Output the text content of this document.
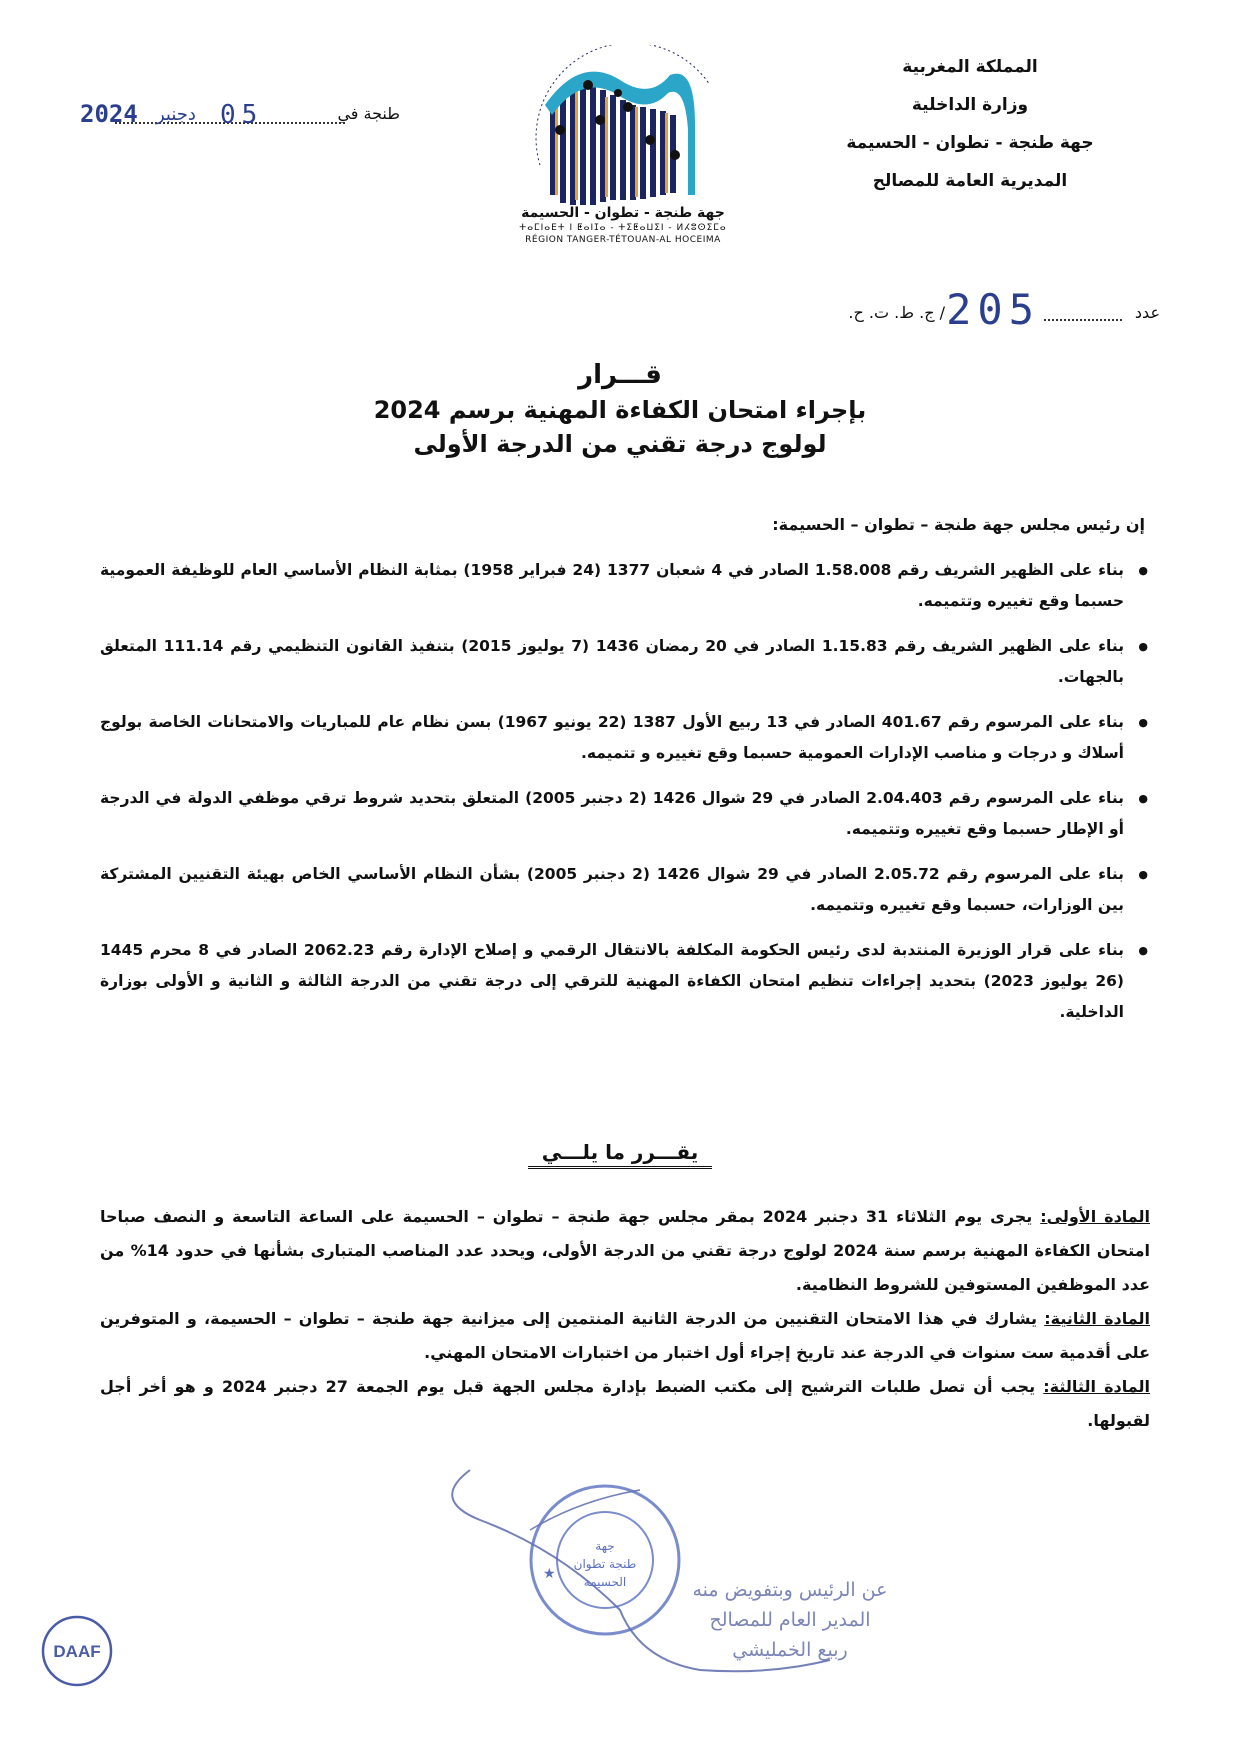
المملكة المغربية
وزارة الداخلية
جهة طنجة - تطوان - الحسيمة
المديرية العامة للمصالح
طنجة في
05
دجنبر
2024
جهة طنجة - تطوان - الحسيمة
ⵜⴰⵎⵏⴰⴹⵜ ⵏ ⵟⴰⵏⵊⴰ - ⵜⵉⵟⴰⵡⵉⵏ - ⵍⵃⵓⵙⵉⵎⴰ
RÉGION TANGER-TÉTOUAN-AL HOCEIMA
عدد
205
/ ج. ط. ت. ح.
قـــرار
بإجراء امتحان الكفاءة المهنية برسم 2024
لولوج درجة تقني من الدرجة الأولى
إن رئيس مجلس جهة طنجة – تطوان – الحسيمة:
● بناء على الظهير الشريف رقم 1.58.008 الصادر في 4 شعبان 1377 (24 فبراير 1958) بمثابة النظام الأساسي العام للوظيفة العمومية حسبما وقع تغييره وتتميمه.
● بناء على الظهير الشريف رقم 1.15.83 الصادر في 20 رمضان 1436 (7 يوليوز 2015) بتنفيذ القانون التنظيمي رقم 111.14 المتعلق بالجهات.
● بناء على المرسوم رقم 401.67 الصادر في 13 ربيع الأول 1387 (22 يونيو 1967) بسن نظام عام للمباريات والامتحانات الخاصة بولوج أسلاك و درجات و مناصب الإدارات العمومية حسبما وقع تغييره و تتميمه.
● بناء على المرسوم رقم 2.04.403 الصادر في 29 شوال 1426 (2 دجنبر 2005) المتعلق بتحديد شروط ترقي موظفي الدولة في الدرجة أو الإطار حسبما وقع تغييره وتتميمه.
● بناء على المرسوم رقم 2.05.72 الصادر في 29 شوال 1426 (2 دجنبر 2005) بشأن النظام الأساسي الخاص بهيئة التقنيين المشتركة بين الوزارات، حسبما وقع تغييره وتتميمه.
● بناء على قرار الوزيرة المنتدبة لدى رئيس الحكومة المكلفة بالانتقال الرقمي و إصلاح الإدارة رقم 2062.23 الصادر في 8 محرم 1445 (26 يوليوز 2023) بتحديد إجراءات تنظيم امتحان الكفاءة المهنية للترقي إلى درجة تقني من الدرجة الثالثة و الثانية و الأولى بوزارة الداخلية.
يقـــرر ما يلـــي
المادة الأولى: يجرى يوم الثلاثاء 31 دجنبر 2024 بمقر مجلس جهة طنجة – تطوان – الحسيمة على الساعة التاسعة و النصف صباحا امتحان الكفاءة المهنية برسم سنة 2024 لولوج درجة تقني من الدرجة الأولى، ويحدد عدد المناصب المتبارى بشأنها في حدود 14% من عدد الموظفين المستوفين للشروط النظامية.
المادة الثانية: يشارك في هذا الامتحان التقنيين من الدرجة الثانية المنتمين إلى ميزانية جهة طنجة – تطوان – الحسيمة، و المتوفرين على أقدمية ست سنوات في الدرجة عند تاريخ إجراء أول اختبار من اختبارات الامتحان المهني.
المادة الثالثة: يجب أن تصل طلبات الترشيح إلى مكتب الضبط بإدارة مجلس الجهة قبل يوم الجمعة 27 دجنبر 2024 و هو أخر أجل لقبولها.
جهة
طنجة تطوان
الحسيمة
★
عن الرئيس وبتفويض منه
المدير العام للمصالح
ربيع الخمليشي
DAAF
